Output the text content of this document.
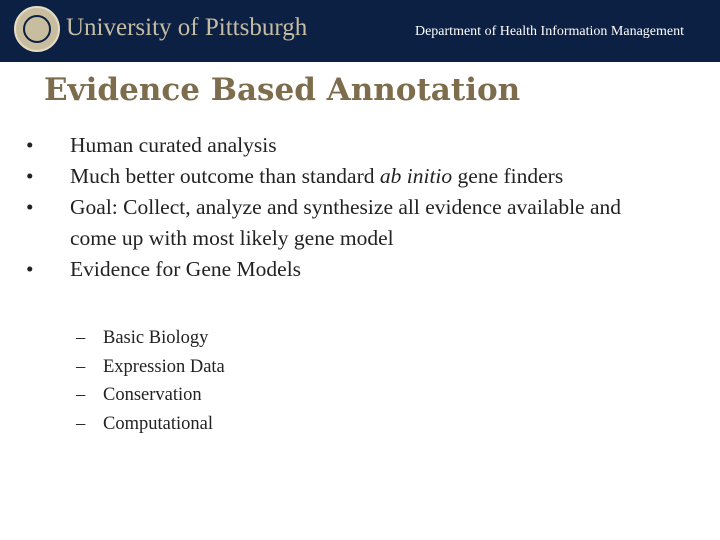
University of Pittsburgh	Department of Health Information Management
Evidence Based Annotation
•	Human curated analysis
•	Much better outcome than standard ab initio gene finders
•	Goal: Collect, analyze and synthesize all evidence available and come up with most likely gene model
•	Evidence for Gene Models
– Basic Biology
– Expression Data
– Conservation
– Computational
